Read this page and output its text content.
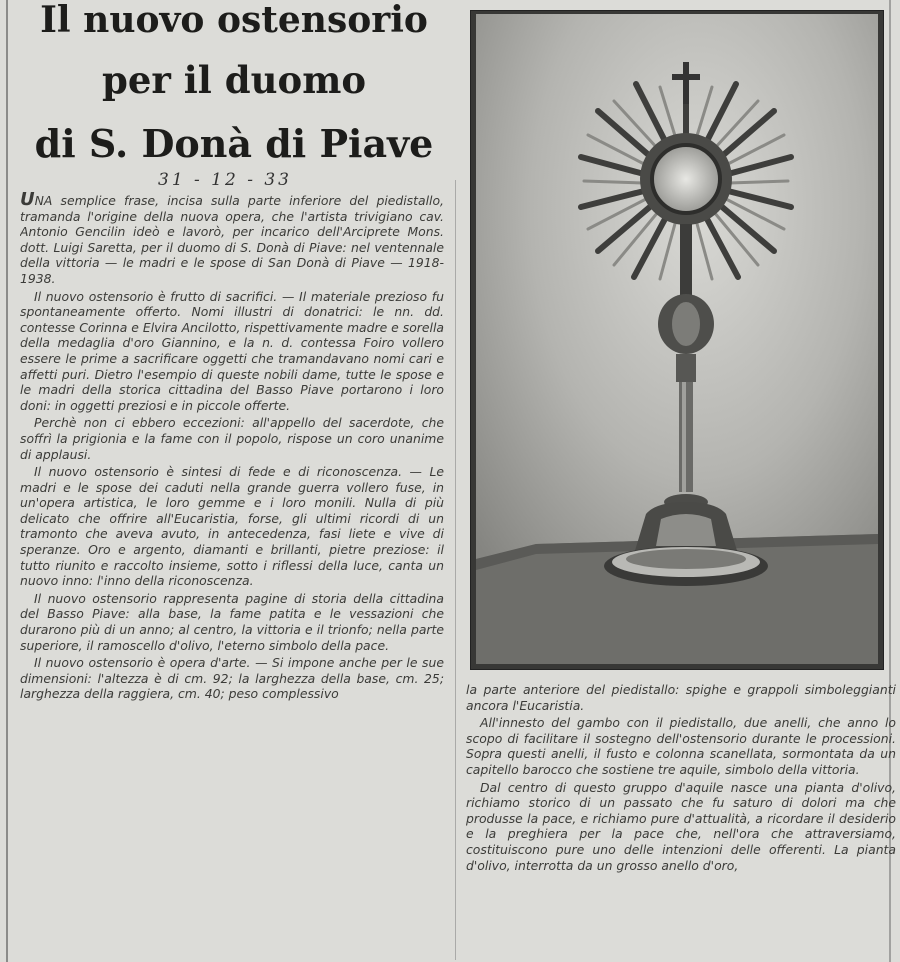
Il nuovo ostensorio
per il duomo
di S. Donà di Piave
31 - 12 - 33

UNA semplice frase, incisa sulla parte inferiore del piedistallo, tramanda l'origine della nuova opera, che l'artista trivigiano cav. Antonio Gencilin ideò e lavorò, per incarico dell'Arciprete Mons. dott. Luigi Saretta, per il duomo di S. Donà di Piave: nel ventennale della vittoria — le madri e le spose di San Donà di Piave — 1918-1938.

Il nuovo ostensorio è frutto di sacrifici. — Il materiale prezioso fu spontaneamente offerto. Nomi illustri di donatrici: le nn. dd. contesse Corinna e Elvira Ancilotto, rispettivamente madre e sorella della medaglia d'oro Giannino, e la n. d. contessa Foiro vollero essere le prime a sacrificare oggetti che tramandavano nomi cari e affetti puri. Dietro l'esempio di queste nobili dame, tutte le spose e le madri della storica cittadina del Basso Piave portarono i loro doni: in oggetti preziosi e in piccole offerte.

Perchè non ci ebbero eccezioni: all'appello del sacerdote, che soffrì la prigionia e la fame con il popolo, rispose un coro unanime di applausi.

Il nuovo ostensorio è sintesi di fede e di riconoscenza. — Le madri e le spose dei caduti nella grande guerra vollero fuse, in un'opera artistica, le loro gemme e i loro monili. Nulla di più delicato che offrire all'Eucaristia, forse, gli ultimi ricordi di un tramonto che aveva avuto, in antecedenza, fasi liete e vive di speranze. Oro e argento, diamanti e brillanti, pietre preziose: il tutto riunito e raccolto insieme, sotto i riflessi della luce, canta un nuovo inno: l'inno della riconoscenza.

Il nuovo ostensorio rappresenta pagine di storia della cittadina del Basso Piave: alla base, la fame patita e le vessazioni che durarono più di un anno; al centro, la vittoria e il trionfo; nella parte superiore, il ramoscello d'olivo, l'eterno simbolo della pace.

Il nuovo ostensorio è opera d'arte. — Si impone anche per le sue dimensioni: l'altezza è di cm. 92; la larghezza della base, cm. 25; larghezza della raggiera, cm. 40; peso complessivo	la parte anteriore del piedistallo: spighe e grappoli simboleggianti ancora l'Eucaristia.

All'innesto del gambo con il piedistallo, due anelli, che anno lo scopo di facilitare il sostegno dell'ostensorio durante le processioni. Sopra questi anelli, il fusto e colonna scanellata, sormontata da un capitello barocco che sostiene tre aquile, simbolo della vittoria.

Dal centro di questo gruppo d'aquile nasce una pianta d'olivo, richiamo storico di un passato che fu saturo di dolori ma che produsse la pace, e richiamo pure d'attualità, a ricordare il desiderio e la preghiera per la pace che, nell'ora che attraversiamo, costituiscono pure uno delle intenzioni delle offerenti. La pianta d'olivo, interrotta da un grosso anello d'oro,
